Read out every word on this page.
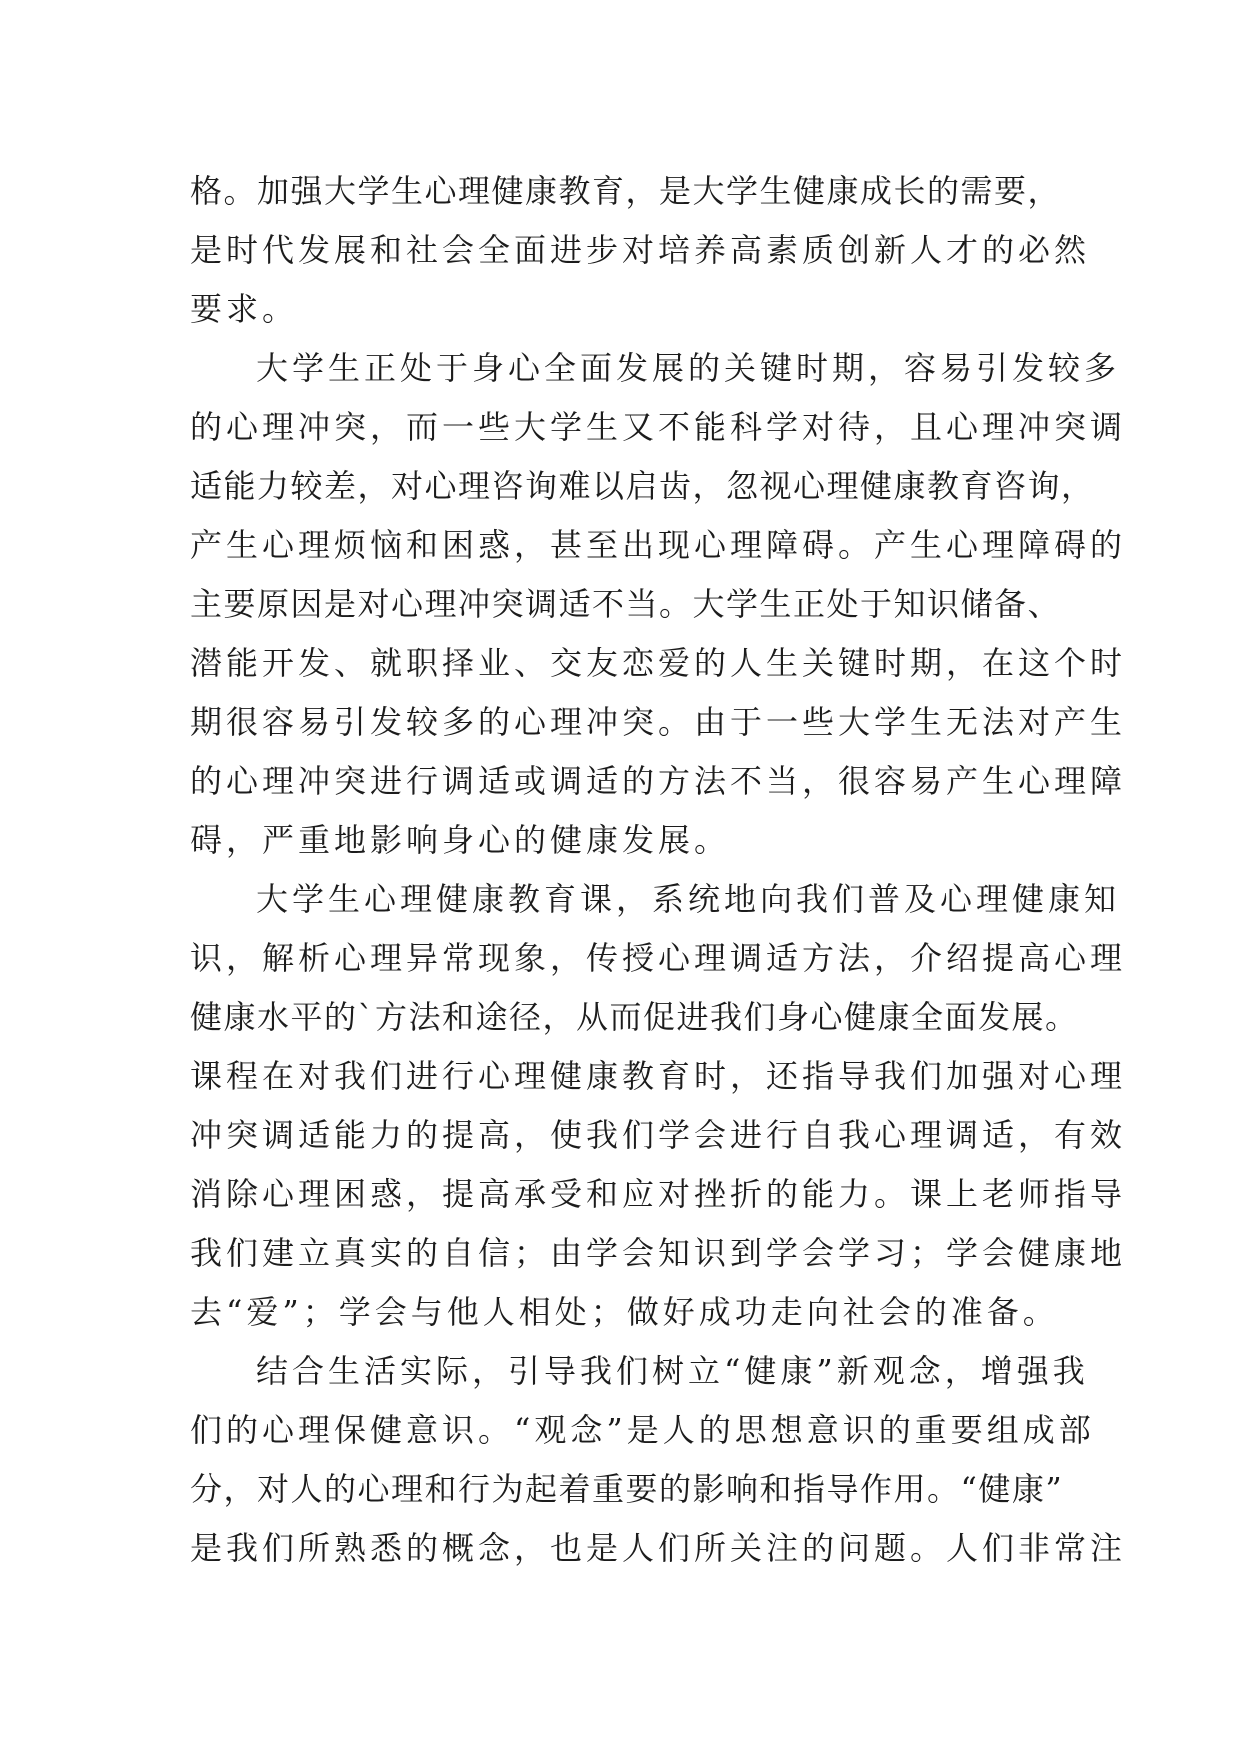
格。加强大学生心理健康教育，是大学生健康成长的需要，
是时代发展和社会全面进步对培养高素质创新人才的必然
要求。
大学生正处于身心全面发展的关键时期，容易引发较多
的心理冲突，而一些大学生又不能科学对待，且心理冲突调
适能力较差，对心理咨询难以启齿，忽视心理健康教育咨询，
产生心理烦恼和困惑，甚至出现心理障碍。产生心理障碍的
主要原因是对心理冲突调适不当。大学生正处于知识储备、
潜能开发、就职择业、交友恋爱的人生关键时期，在这个时
期很容易引发较多的心理冲突。由于一些大学生无法对产生
的心理冲突进行调适或调适的方法不当，很容易产生心理障
碍，严重地影响身心的健康发展。
大学生心理健康教育课，系统地向我们普及心理健康知
识，解析心理异常现象，传授心理调适方法，介绍提高心理
健康水平的`方法和途径，从而促进我们身心健康全面发展。
课程在对我们进行心理健康教育时，还指导我们加强对心理
冲突调适能力的提高，使我们学会进行自我心理调适，有效
消除心理困惑，提高承受和应对挫折的能力。课上老师指导
我们建立真实的自信；由学会知识到学会学习；学会健康地
去“爱”；学会与他人相处；做好成功走向社会的准备。
结合生活实际，引导我们树立“健康”新观念，增强我
们的心理保健意识。“观念”是人的思想意识的重要组成部
分，对人的心理和行为起着重要的影响和指导作用。“健康”
是我们所熟悉的概念，也是人们所关注的问题。人们非常注
